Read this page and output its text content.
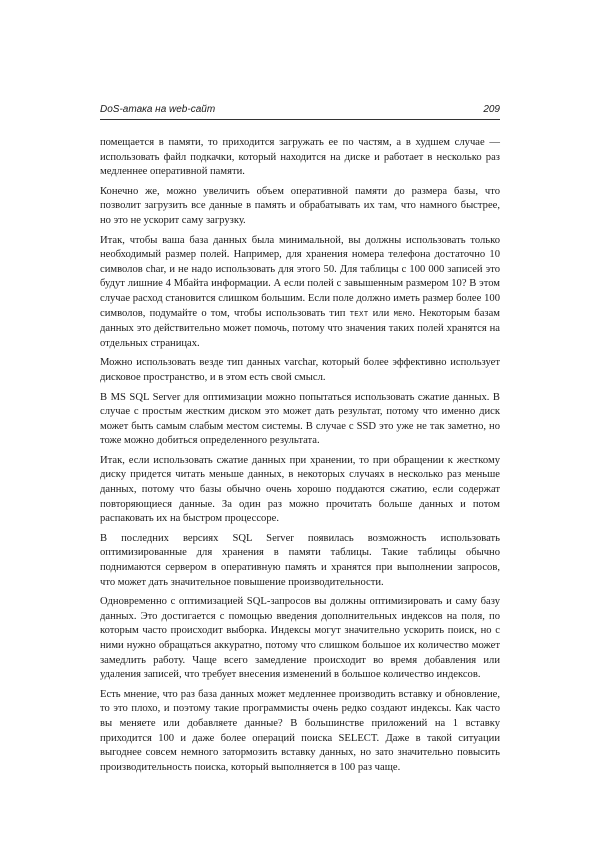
DoS-атака на web-сайт	209

помещается в памяти, то приходится загружать ее по частям, а в худшем случае — использовать файл подкачки, который находится на диске и работает в несколько раз медленнее оперативной памяти.

Конечно же, можно увеличить объем оперативной памяти до размера базы, что позволит загрузить все данные в память и обрабатывать их там, что намного быстрее, но это не ускорит саму загрузку.

Итак, чтобы ваша база данных была минимальной, вы должны использовать только необходимый размер полей. Например, для хранения номера телефона достаточно 10 символов char, и не надо использовать для этого 50. Для таблицы с 100 000 записей это будут лишние 4 Мбайта информации. А если полей с завышенным размером 10? В этом случае расход становится слишком большим. Если поле должно иметь размер более 100 символов, подумайте о том, чтобы использовать тип TEXT или MEMO. Некоторым базам данных это действительно может помочь, потому что значения таких полей хранятся на отдельных страницах.

Можно использовать везде тип данных varchar, который более эффективно использует дисковое пространство, и в этом есть свой смысл.

В MS SQL Server для оптимизации можно попытаться использовать сжатие данных. В случае с простым жестким диском это может дать результат, потому что именно диск может быть самым слабым местом системы. В случае с SSD это уже не так заметно, но тоже можно добиться определенного результата.

Итак, если использовать сжатие данных при хранении, то при обращении к жесткому диску придется читать меньше данных, в некоторых случаях в несколько раз меньше данных, потому что базы обычно очень хорошо поддаются сжатию, если содержат повторяющиеся данные. За один раз можно прочитать больше данных и потом распаковать их на быстром процессоре.

В последних версиях SQL Server появилась возможность использовать оптимизированные для хранения в памяти таблицы. Такие таблицы обычно поднимаются сервером в оперативную память и хранятся при выполнении запросов, что может дать значительное повышение производительности.

Одновременно с оптимизацией SQL-запросов вы должны оптимизировать и саму базу данных. Это достигается с помощью введения дополнительных индексов на поля, по которым часто происходит выборка. Индексы могут значительно ускорить поиск, но с ними нужно обращаться аккуратно, потому что слишком большое их количество может замедлить работу. Чаще всего замедление происходит во время добавления или удаления записей, что требует внесения изменений в большое количество индексов.

Есть мнение, что раз база данных может медленнее производить вставку и обновление, то это плохо, и поэтому такие программисты очень редко создают индексы. Как часто вы меняете или добавляете данные? В большинстве приложений на 1 вставку приходится 100 и даже более операций поиска SELECT. Даже в такой ситуации выгоднее совсем немного затормозить вставку данных, но зато значительно повысить производительность поиска, который выполняется в 100 раз чаще.
